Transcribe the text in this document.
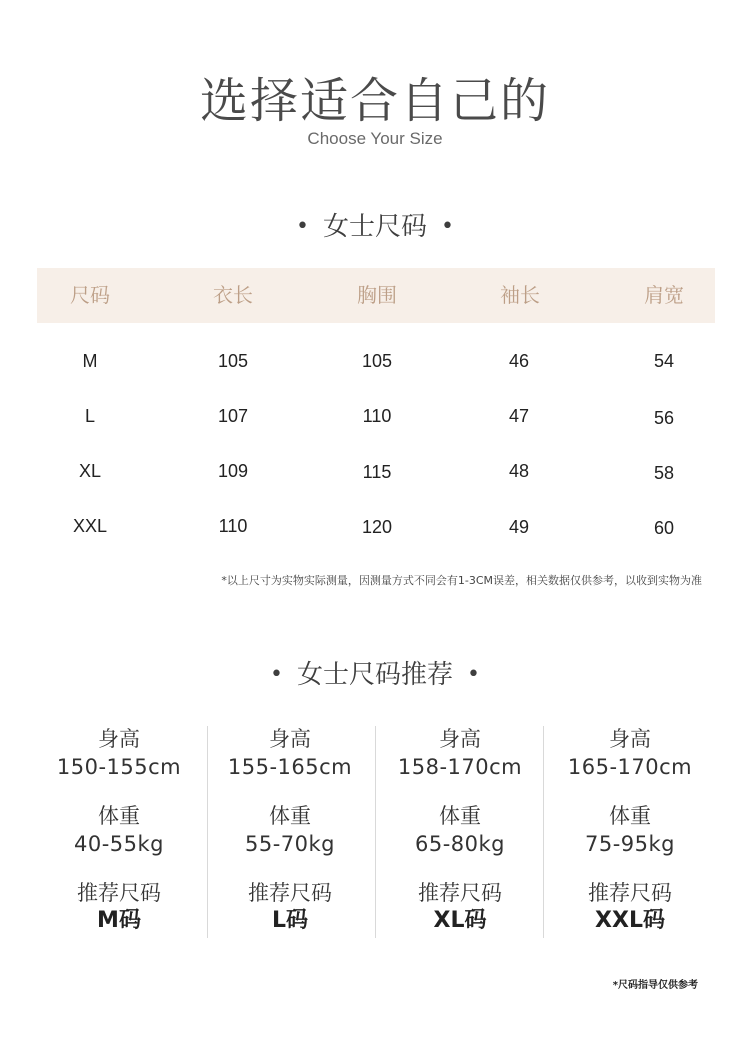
选择适合自己的
Choose Your Size
• 女士尺码 •
尺码	衣长	胸围	袖长	肩宽
M	105	105	46	54
L	107	110	47	56
XL	109	115	48	58
XXL	110	120	49	60
*以上尺寸为实物实际测量，因测量方式不同会有1-3CM误差，相关数据仅供参考，以收到实物为准
• 女士尺码推荐 •
身高
150-155cm
体重
40-55kg
推荐尺码
M码
身高
155-165cm
体重
55-70kg
推荐尺码
L码
身高
158-170cm
体重
65-80kg
推荐尺码
XL码
身高
165-170cm
体重
75-95kg
推荐尺码
XXL码
*尺码指导仅供参考
